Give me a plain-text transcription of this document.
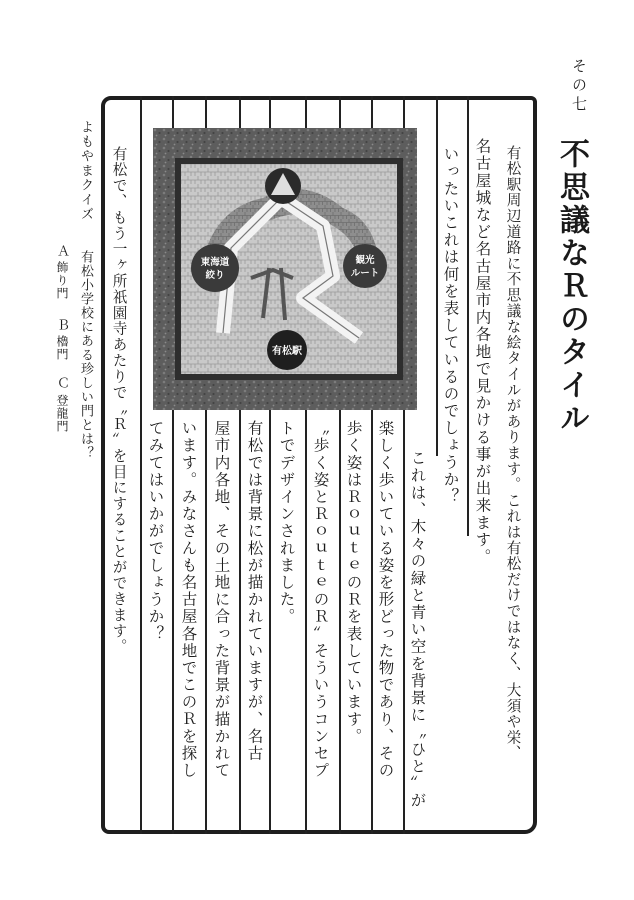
その七
不思議なＲのタイル
有松駅周辺道路に不思議な絵タイルがあります。これは有松だけではなく、大須や栄、
名古屋城など名古屋市内各地で見かける事が出来ます。
いったいこれは何を表しているのでしょうか？
これは、木々の緑と青い空を背景に〝ひと〟が
楽しく歩いている姿を形どった物であり、その
歩く姿はＲｏｕｔｅのＲを表しています。
〝歩く姿とＲｏｕｔｅのＲ〟そういうコンセプ
トでデザインされました。
有松では背景に松が描かれていますが、名古
屋市内各地、その土地に合った背景が描かれて
います。みなさんも名古屋各地でこのＲを探し
てみてはいかがでしょうか？
有松で、もう一ヶ所祇園寺あたりで〝Ｒ〟を目にすることができます。	東海道
絞り
観光
ルート
有松駅
よもやまクイズ
有松小学校にある珍しい門とは？
Ａ
飾り門
Ｂ
櫓門
Ｃ
登龍門
